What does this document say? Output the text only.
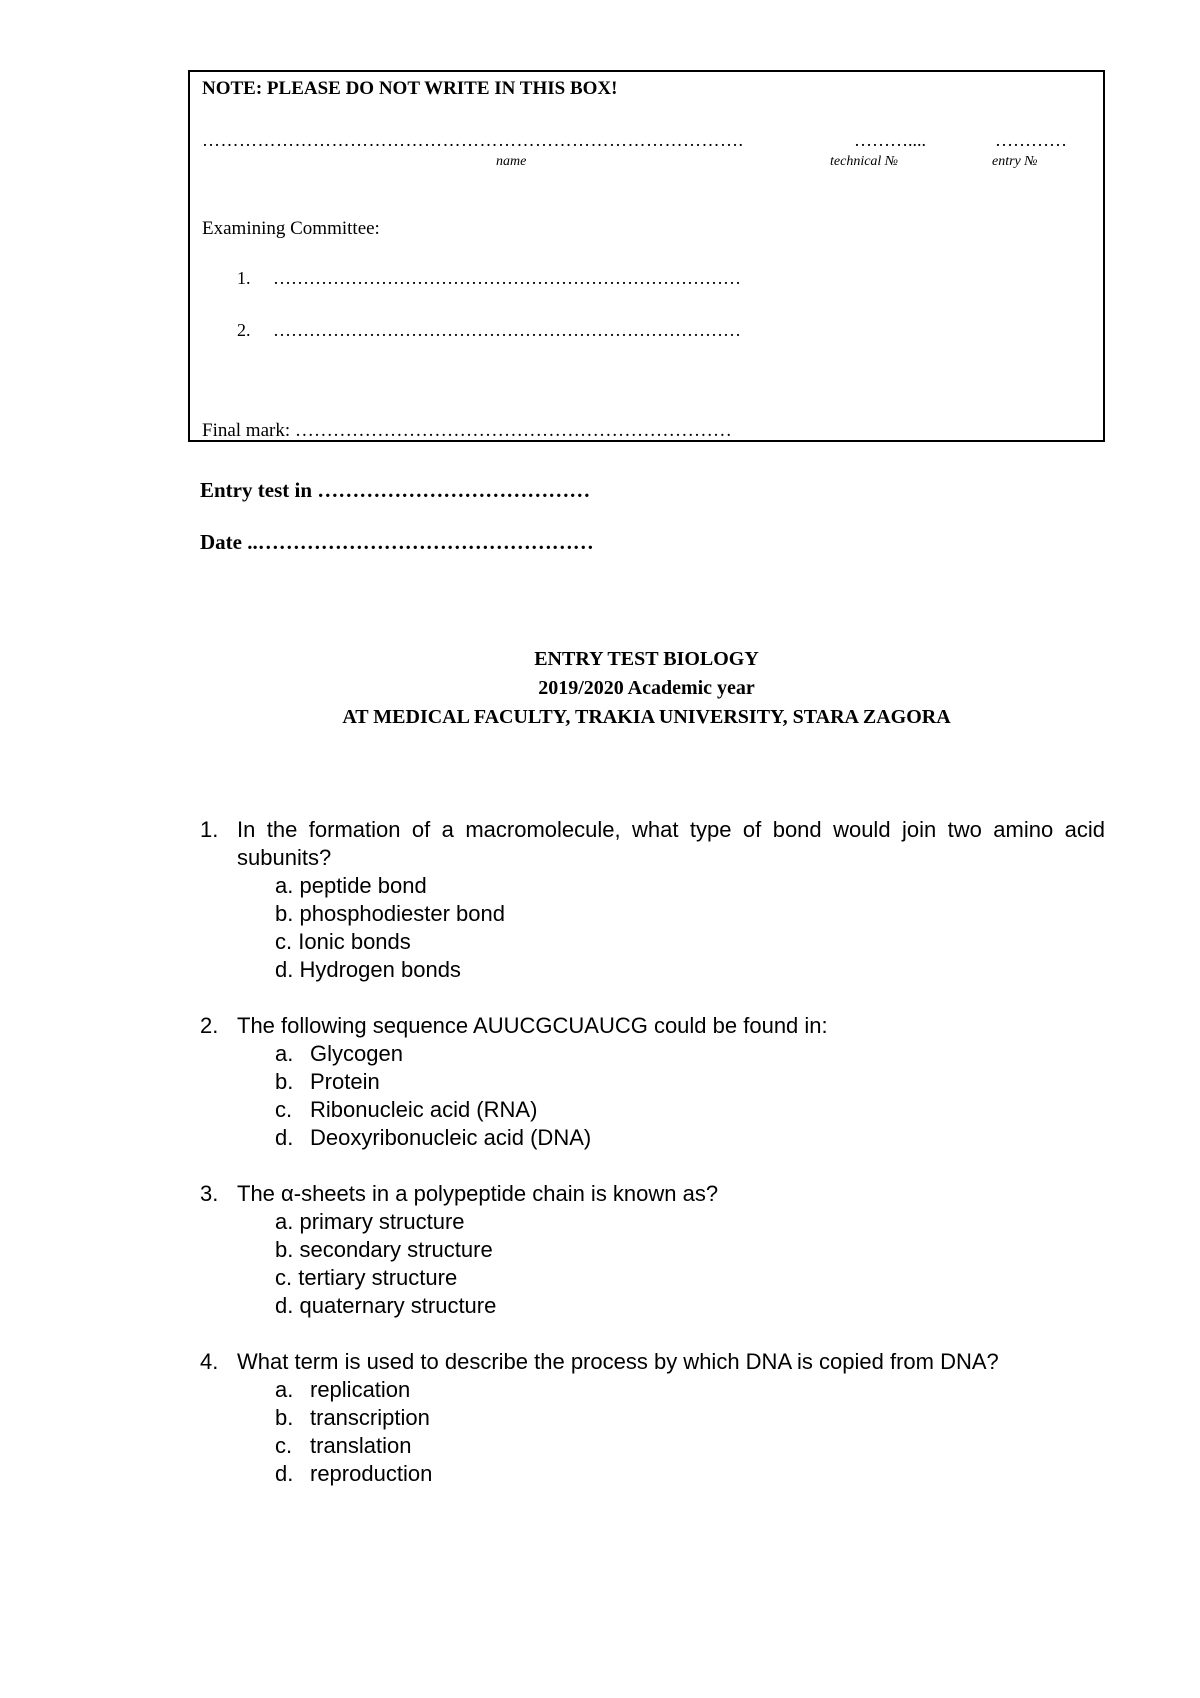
NOTE: PLEASE DO NOT WRITE IN THIS BOX!
…………………………………………………………………………….	………....	…………
name	technical №	entry №
Examining Committee:
1. ……………………………………………………………………
2. ……………………………………………………………………
Final mark: ……………………………………………………………
Entry test in …………………………………
Date ..…………………………………………
ENTRY TEST BIOLOGY
2019/2020 Academic year
AT MEDICAL FACULTY, TRAKIA UNIVERSITY, STARA ZAGORA
1. In the formation of a macromolecule, what type of bond would join two amino acid subunits?
a. peptide bond
b. phosphodiester bond
c. Ionic bonds
d. Hydrogen bonds
2. The following sequence AUUCGCUAUCG could be found in:
a. Glycogen
b. Protein
c. Ribonucleic acid (RNA)
d. Deoxyribonucleic acid (DNA)
3. The α-sheets in a polypeptide chain is known as?
a. primary structure
b. secondary structure
c. tertiary structure
d. quaternary structure
4. What term is used to describe the process by which DNA is copied from DNA?
a. replication
b. transcription
c. translation
d. reproduction
